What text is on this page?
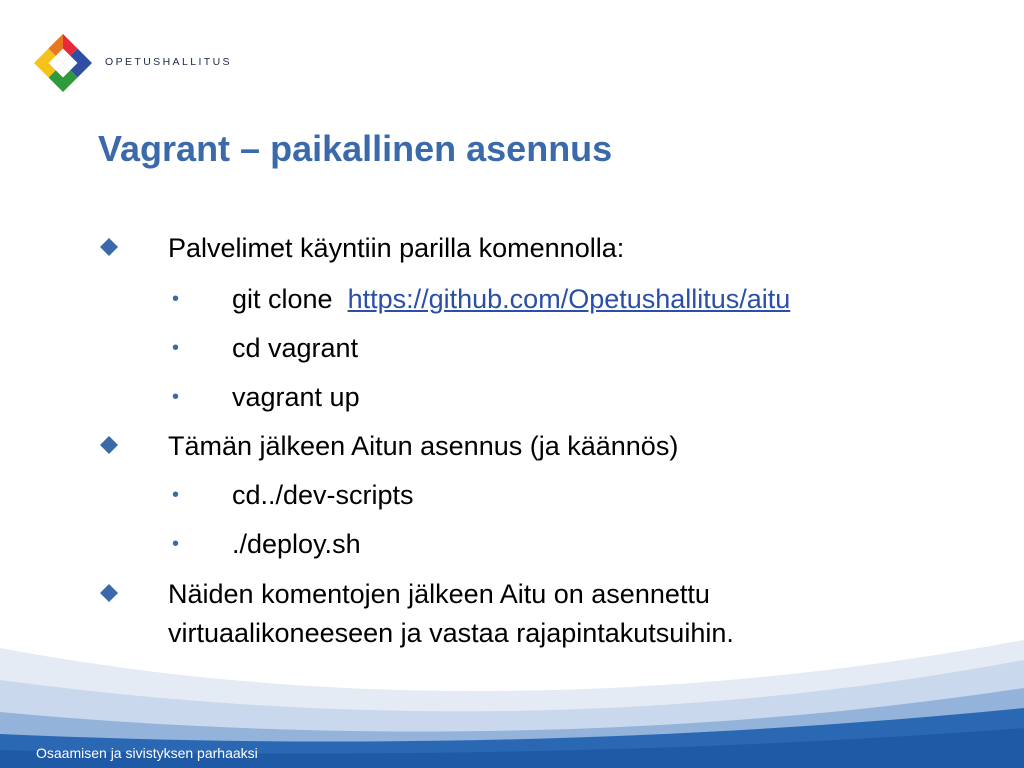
OPETUSHALLITUS
Vagrant – paikallinen asennus
Palvelimet käyntiin parilla komennolla:
• git clone  https://github.com/Opetushallitus/aitu
• cd vagrant
• vagrant up
Tämän jälkeen Aitun asennus (ja käännös)
• cd../dev-scripts
• ./deploy.sh
Näiden komentojen jälkeen Aitu on asennettu
virtuaalikoneeseen ja vastaa rajapintakutsuihin.
Osaamisen ja sivistyksen parhaaksi
